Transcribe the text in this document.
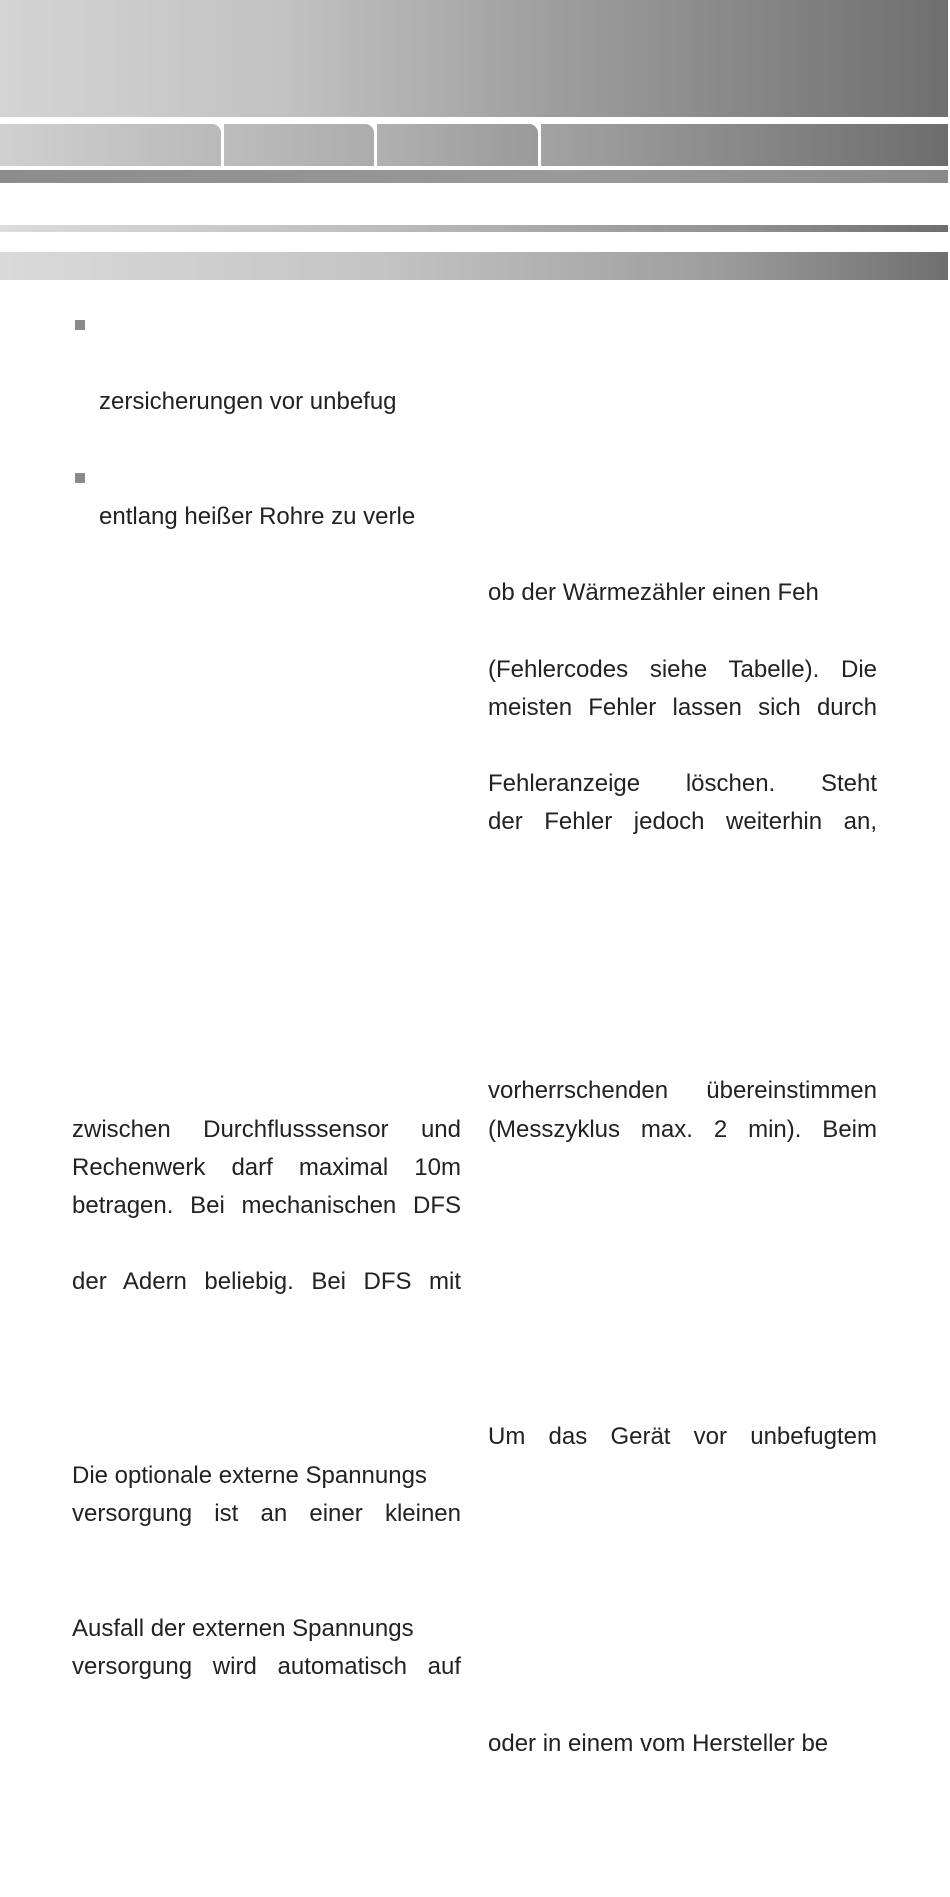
zersicherungen vor unbefug

entlang heißer Rohre zu verle

zwischen Durchflusssensor und

Rechenwerk darf maximal 10m

betragen. Bei mechanischen DFS

der Adern beliebig. Bei DFS mit

Die optionale externe Spannungs

versorgung ist an einer kleinen

Ausfall der externen Spannungs

versorgung wird automatisch auf

ob der Wärmezähler einen Feh

(Fehlercodes siehe Tabelle). Die

meisten Fehler lassen sich durch

Fehleranzeige löschen. Steht

der Fehler jedoch weiterhin an,

vorherrschenden übereinstimmen

(Messzyklus max. 2 min). Beim

Um das Gerät vor unbefugtem

oder in einem vom Hersteller be
